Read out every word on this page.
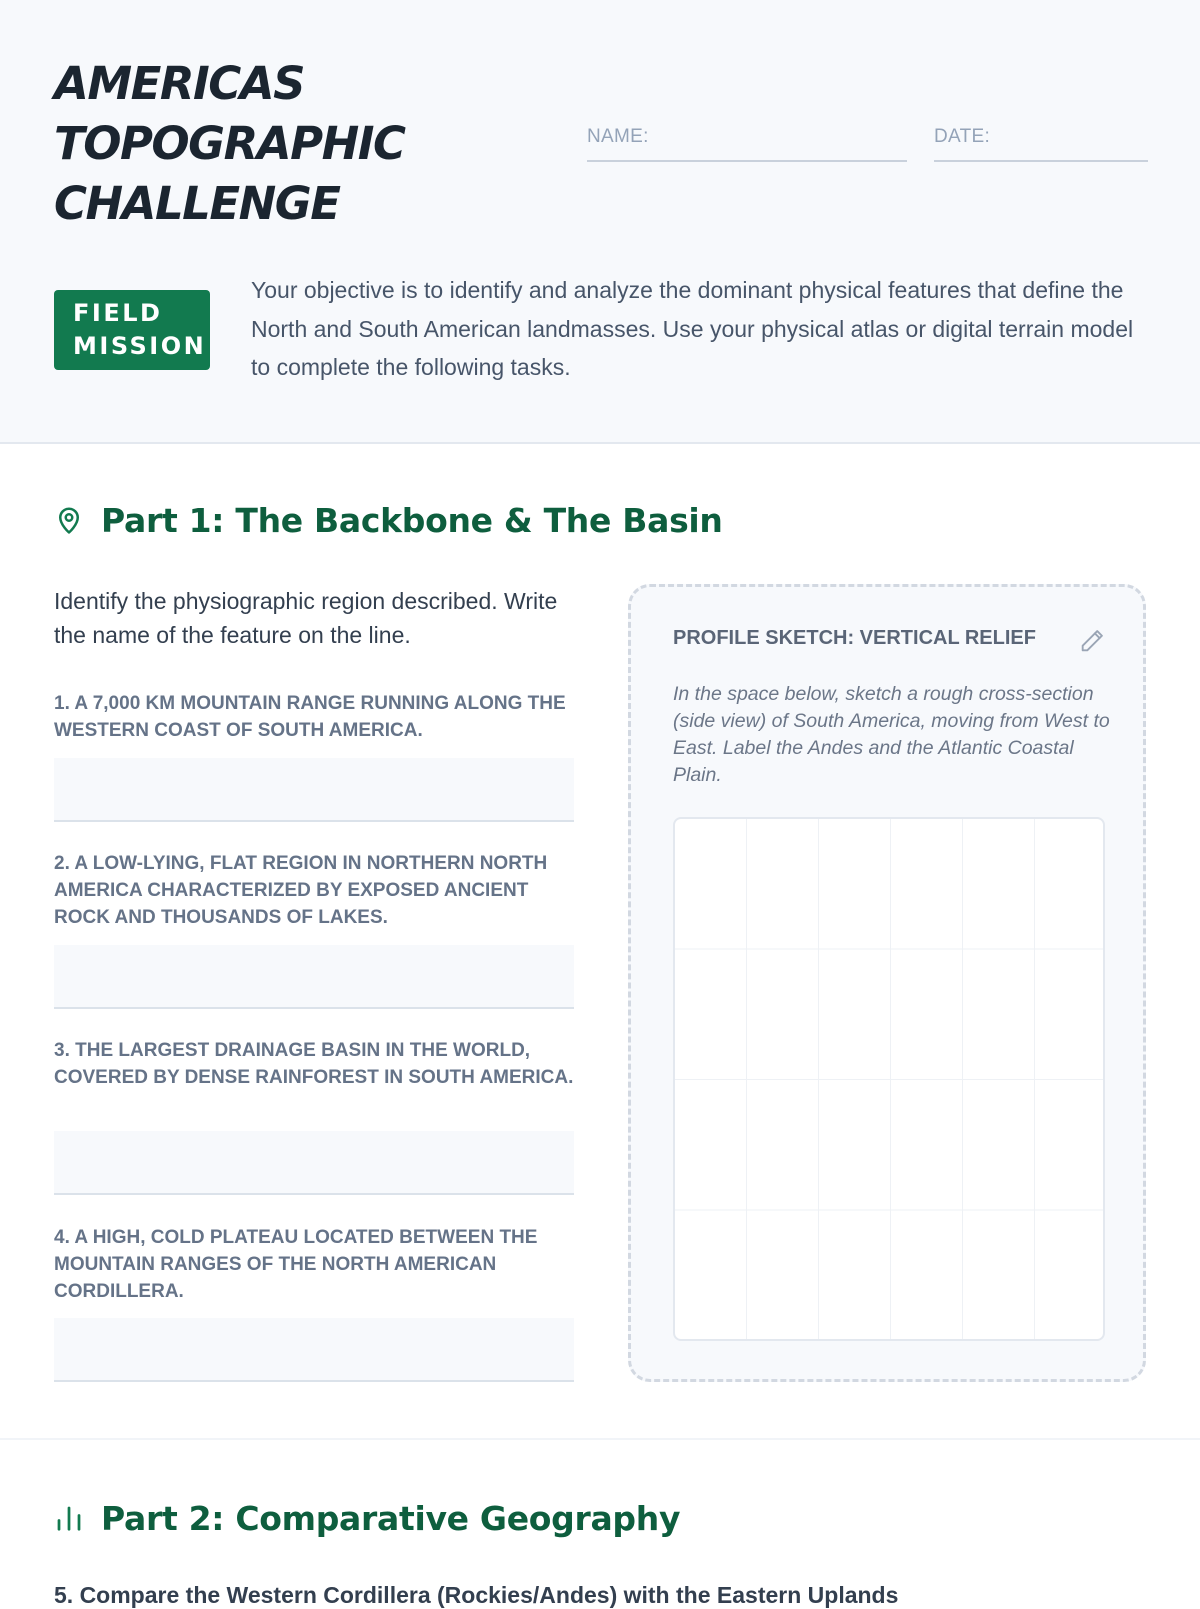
AMERICAS
TOPOGRAPHIC
CHALLENGE
NAME:	DATE:
FIELD
MISSION

Your objective is to identify and analyze the dominant physical features that define the North and South American landmasses. Use your physical atlas or digital terrain model to complete the following tasks.

Part 1: The Backbone & The Basin

Identify the physiographic region described. Write the name of the feature on the line.

1. A 7,000 KM MOUNTAIN RANGE RUNNING ALONG THE WESTERN COAST OF SOUTH AMERICA.

2. A LOW-LYING, FLAT REGION IN NORTHERN NORTH AMERICA CHARACTERIZED BY EXPOSED ANCIENT ROCK AND THOUSANDS OF LAKES.

3. THE LARGEST DRAINAGE BASIN IN THE WORLD, COVERED BY DENSE RAINFOREST IN SOUTH AMERICA.

4. A HIGH, COLD PLATEAU LOCATED BETWEEN THE MOUNTAIN RANGES OF THE NORTH AMERICAN CORDILLERA.

PROFILE SKETCH: VERTICAL RELIEF

In the space below, sketch a rough cross-section (side view) of South America, moving from West to East. Label the Andes and the Atlantic Coastal Plain.

Part 2: Comparative Geography

5. Compare the Western Cordillera (Rockies/Andes) with the Eastern Uplands
